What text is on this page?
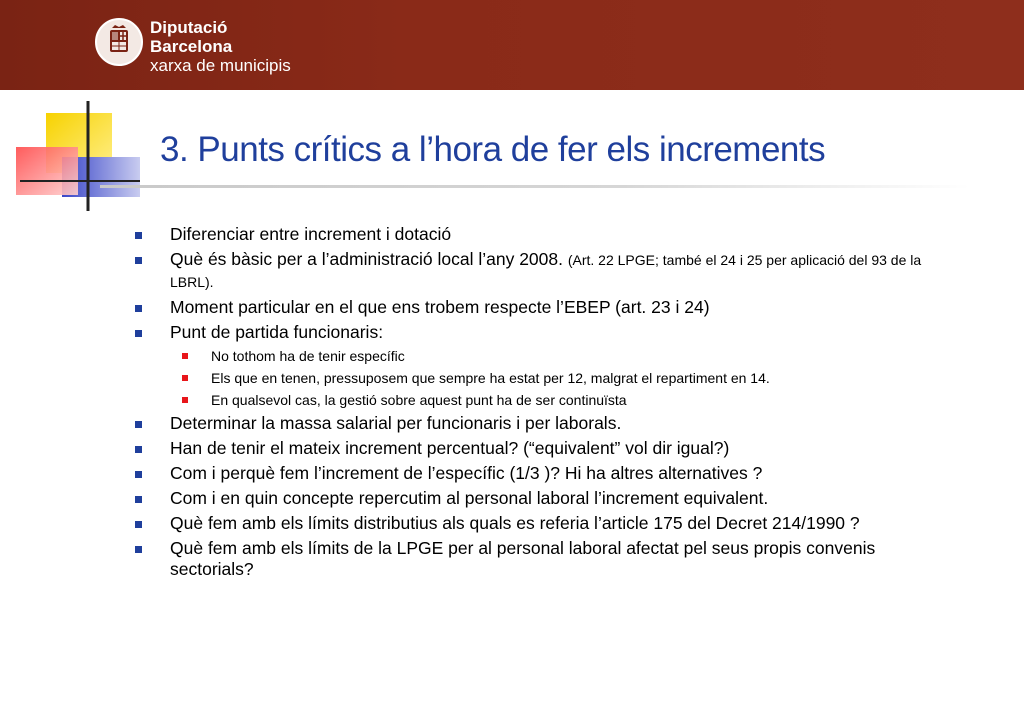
Diputació
Barcelona
xarxa de municipis
3. Punts crítics a l’hora de fer els increments
Diferenciar entre increment i dotació
Què és bàsic per a l’administració local l’any 2008. (Art. 22 LPGE; també el 24 i 25 per aplicació del 93 de la LBRL).
Moment particular en el que ens trobem respecte l’EBEP (art. 23 i 24)
Punt de partida funcionaris:
No tothom ha de tenir específic
Els que en tenen, pressuposem que sempre ha estat per 12, malgrat el repartiment en 14.
En qualsevol cas, la gestió sobre aquest punt ha de ser continuïsta
Determinar la massa salarial per funcionaris i per laborals.
Han de tenir el mateix increment percentual? (“equivalent” vol dir igual?)
Com i perquè fem l’increment de l’específic (1/3 )? Hi ha altres alternatives ?
Com i en quin concepte repercutim al personal laboral l’increment equivalent.
Què fem amb els límits distributius als quals es referia l’article 175 del Decret 214/1990 ?
Què fem amb els límits de la LPGE per al personal laboral afectat pel seus propis convenis sectorials?
